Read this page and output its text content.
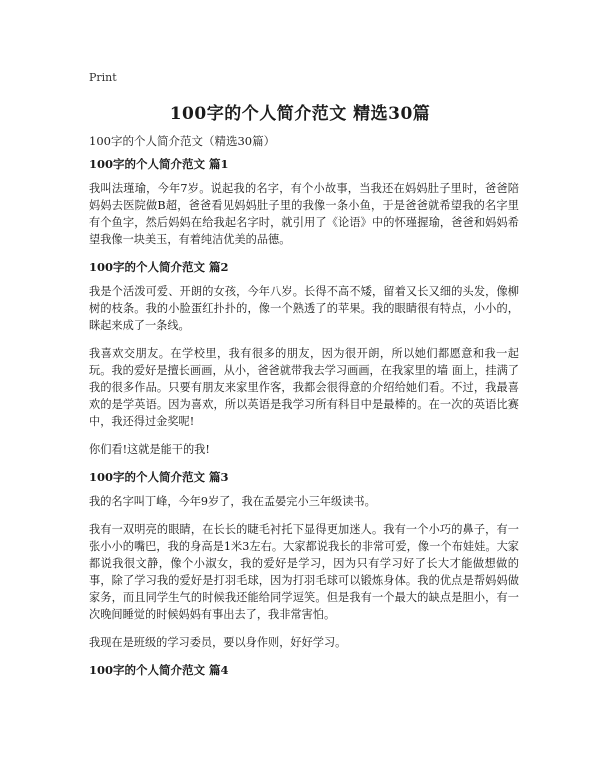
Print
100字的个人简介范文 精选30篇
100字的个人简介范文（精选30篇）
100字的个人简介范文 篇1
我叫法瑾瑜，今年7岁。说起我的名字，有个小故事，当我还在妈妈肚子里时，爸爸陪妈妈去医院做B超，爸爸看见妈妈肚子里的我像一条小鱼，于是爸爸就希望我的名字里有个鱼字，然后妈妈在给我起名字时，就引用了《论语》中的怀瑾握瑜，爸爸和妈妈希望我像一块美玉，有着纯洁优美的品德。
100字的个人简介范文 篇2
我是个活泼可爱、开朗的女孩，今年八岁。长得不高不矮，留着又长又细的头发，像柳树的枝条。我的小脸蛋红扑扑的，像一个熟透了的苹果。我的眼睛很有特点，小小的，眯起来成了一条线。
我喜欢交朋友。在学校里，我有很多的朋友，因为很开朗，所以她们都愿意和我一起玩。我的爱好是擅长画画，从小，爸爸就带我去学习画画，在我家里的墙 面上，挂满了我的很多作品。只要有朋友来家里作客，我都会很得意的介绍给她们看。不过，我最喜欢的是学英语。因为喜欢，所以英语是我学习所有科目中是最棒的。在一次的英语比赛中，我还得过金奖呢!
你们看!这就是能干的我!
100字的个人简介范文 篇3
我的名字叫丁峰，今年9岁了，我在孟晏完小三年级读书。
我有一双明亮的眼睛，在长长的睫毛衬托下显得更加迷人。我有一个小巧的鼻子，有一张小小的嘴巴，我的身高是1米3左右。大家都说我长的非常可爱，像一个布娃娃。大家 都说我很文静，像个小淑女，我的爱好是学习，因为只有学习好了长大才能做想做的事，除了学习我的爱好是打羽毛球，因为打羽毛球可以锻炼身体。我的优点是帮妈妈做家务，而且同学生气的时候我还能给同学逗笑。但是我有一个最大的缺点是胆小，有一次晚间睡觉的时候妈妈有事出去了，我非常害怕。
我现在是班级的学习委员，要以身作则，好好学习。
100字的个人简介范文 篇4
